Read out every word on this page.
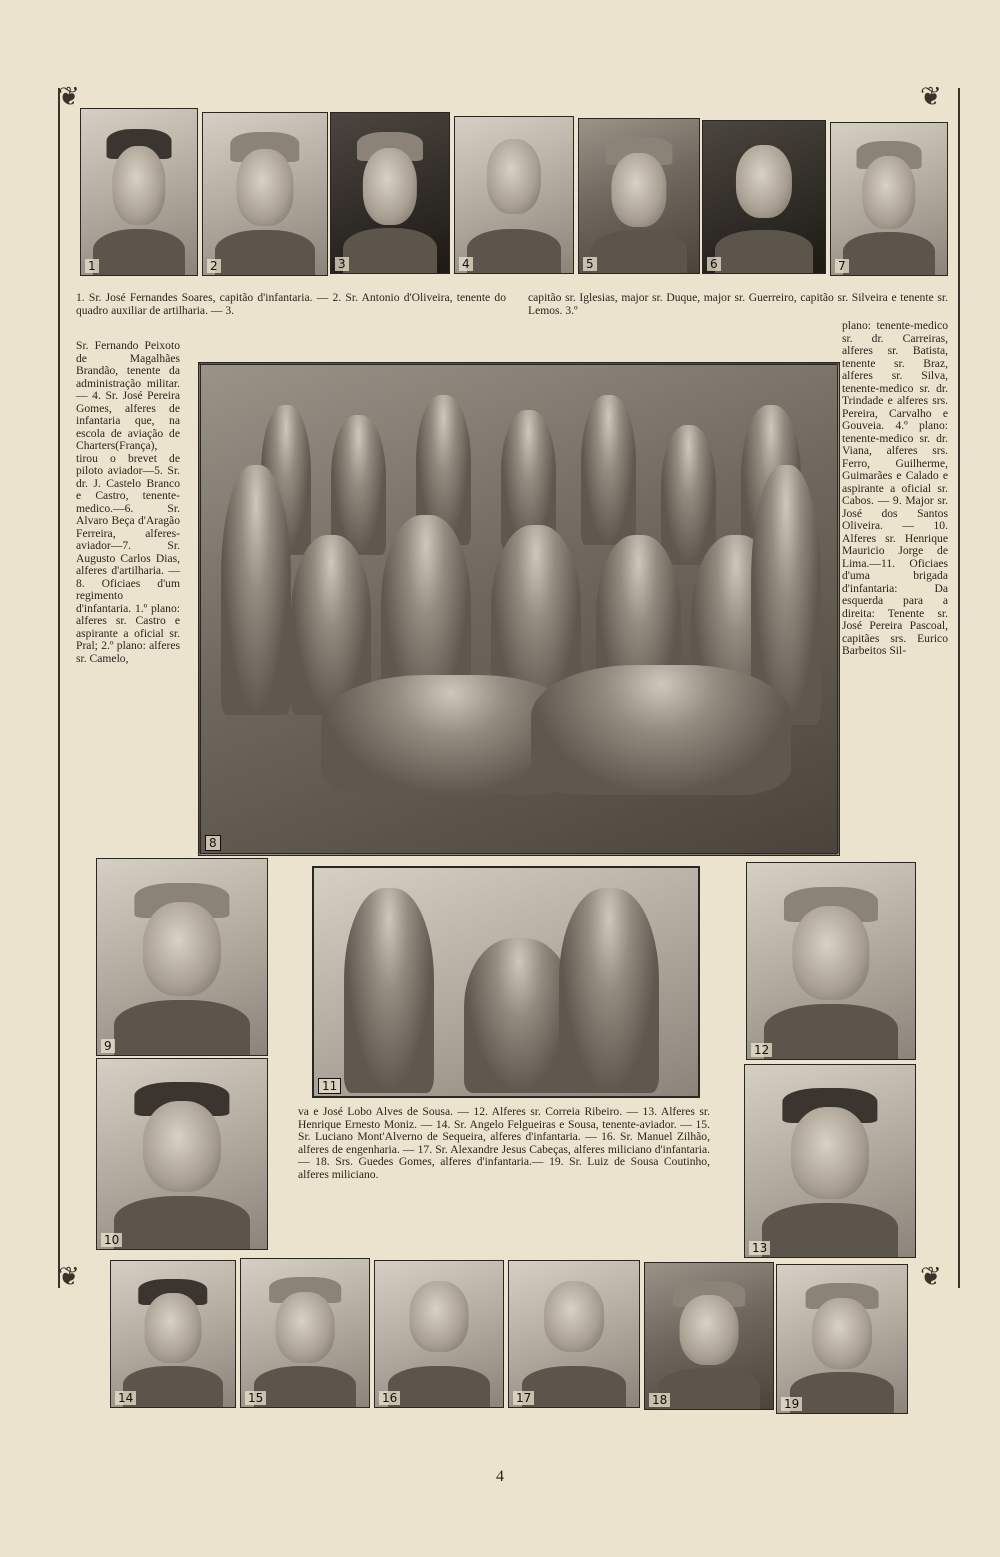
❦	❦
❦	❦
1	2	3	4	5	6	7
1. Sr. José Fernandes Soares, capitão d'infantaria. — 2. Sr. Antonio d'Oliveira, tenente do quadro auxiliar de artilharia. — 3.
capitão sr. Iglesias, major sr. Duque, major sr. Guerreiro, capitão sr. Silveira e tenente sr. Lemos. 3.º
Sr. Fernando Peixoto de Magalhães Brandão, tenente da administração militar. — 4. Sr. José Pereira Gomes, alferes de infantaria que, na escola de aviação de Charters(França), tirou o brevet de piloto aviador—5. Sr. dr. J. Castelo Branco e Castro, tenente-medico.—6. Sr. Alvaro Beça d'Aragão Ferreira, alferes-aviador—7. Sr. Augusto Carlos Dias, alferes d'artilharia. — 8. Oficiaes d'um regimento d'infantaria. 1.º plano: alferes sr. Castro e aspirante a oficial sr. Pral; 2.º plano: alferes sr. Camelo,
plano: tenente-medico sr. dr. Carreiras, alferes sr. Batista, tenente sr. Braz, alferes sr. Silva, tenente-medico sr. dr. Trindade e alferes srs. Pereira, Carvalho e Gouveia. 4.º plano: tenente-medico sr. dr. Viana, alferes srs. Ferro, Guilherme, Guimarães e Calado e aspirante a oficial sr. Cabos. — 9. Major sr. José dos Santos Oliveira. — 10. Alferes sr. Henrique Mauricio Jorge de Lima.—11. Oficiaes d'uma brigada d'infantaria: Da esquerda para a direita: Tenente sr. José Pereira Pascoal, capitães srs. Eurico Barbeitos Sil-
8
9
10
11
12
13
va e José Lobo Alves de Sousa. — 12. Alferes sr. Correia Ribeiro. — 13. Alferes sr. Henrique Ernesto Moniz. — 14. Sr. Angelo Felgueiras e Sousa, tenente-aviador. — 15. Sr. Luciano Mont'Alverno de Sequeira, alferes d'infantaria. — 16. Sr. Manuel Zilhão, alferes de engenharia. — 17. Sr. Alexandre Jesus Cabeças, alferes miliciano d'infantaria. — 18. Srs. Guedes Gomes, alferes d'infantaria.— 19. Sr. Luiz de Sousa Coutinho, alferes miliciano.
14	15	16	17	18	19
4
